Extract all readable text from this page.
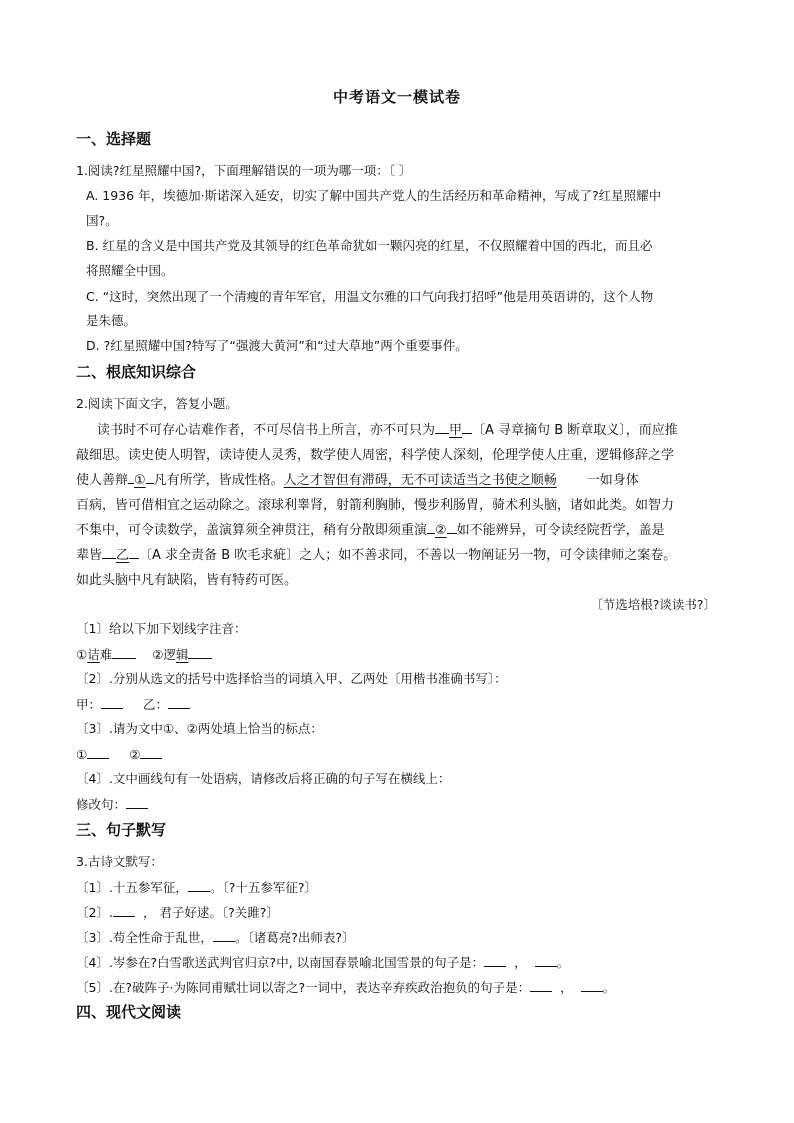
中考语文一模试卷
一、选择题
1.阅读?红星照耀中国?，下面理解错误的一项为哪一项：〔 〕
A. 1936 年，埃德加·斯诺深入延安，切实了解中国共产党人的生活经历和革命精神，写成了?红星照耀中
国?。
B. 红星的含义是中国共产党及其领导的红色革命犹如一颗闪亮的红星，不仅照耀着中国的西北，而且必
将照耀全中国。
C. “这时，突然出现了一个清瘦的青年军官，用温文尔雅的口气向我打招呼”他是用英语讲的，这个人物
是朱德。
D. ?红星照耀中国?特写了“强渡大黄河”和“过大草地”两个重要事件。
二、根底知识综合
2.阅读下面文字，答复小题。
读书时不可存心诘难作者，不可尽信书上所言，亦不可只为 甲 〔A 寻章摘句 B 断章取义〕，而应推
敲细思。读史使人明智，读诗使人灵秀，数学使人周密，科学使人深刻，伦理学使人庄重，逻辑修辞之学
使人善辩 ① 凡有所学，皆成性格。人之才智但有滞碍，无不可读适当之书使之顺畅 一如身体
百病，皆可借相宜之运动除之。滚球利睾肾，射箭利胸肺，慢步利肠胃，骑术利头脑，诸如此类。如智力
不集中，可令读数学，盖演算须全神贯注，稍有分散即须重演 ② 如不能辨异，可令读经院哲学，盖是
辈皆 乙 〔A 求全责备 B 吹毛求疵〕之人；如不善求同，不善以一物阐证另一物，可令读律师之案卷。
如此头脑中凡有缺陷，皆有特药可医。
〔节选培根?谈读书?〕
〔1〕给以下加下划线字注音：
①诘难	②逻辑
〔2〕.分别从选文的括号中选择恰当的词填入甲、乙两处〔用楷书准确书写〕：
甲：	乙：
〔3〕.请为文中①、②两处填上恰当的标点：
①	②
〔4〕.文中画线句有一处语病，请修改后将正确的句子写在横线上：
修改句：
三、句子默写
3.古诗文默写：
〔1〕.十五参军征， 。〔?十五参军征?〕
〔2〕. ， 君子好逑。〔?关雎?〕
〔3〕.苟全性命于乱世， 。〔诸葛亮?出师表?〕
〔4〕.岑参在?白雪歌送武判官归京?中, 以南国春景喻北国雪景的句子是： ， 。
〔5〕.在?破阵子·为陈同甫赋壮词以寄之?一词中，表达辛弃疾政治抱负的句子是： ， 。
四、现代文阅读
